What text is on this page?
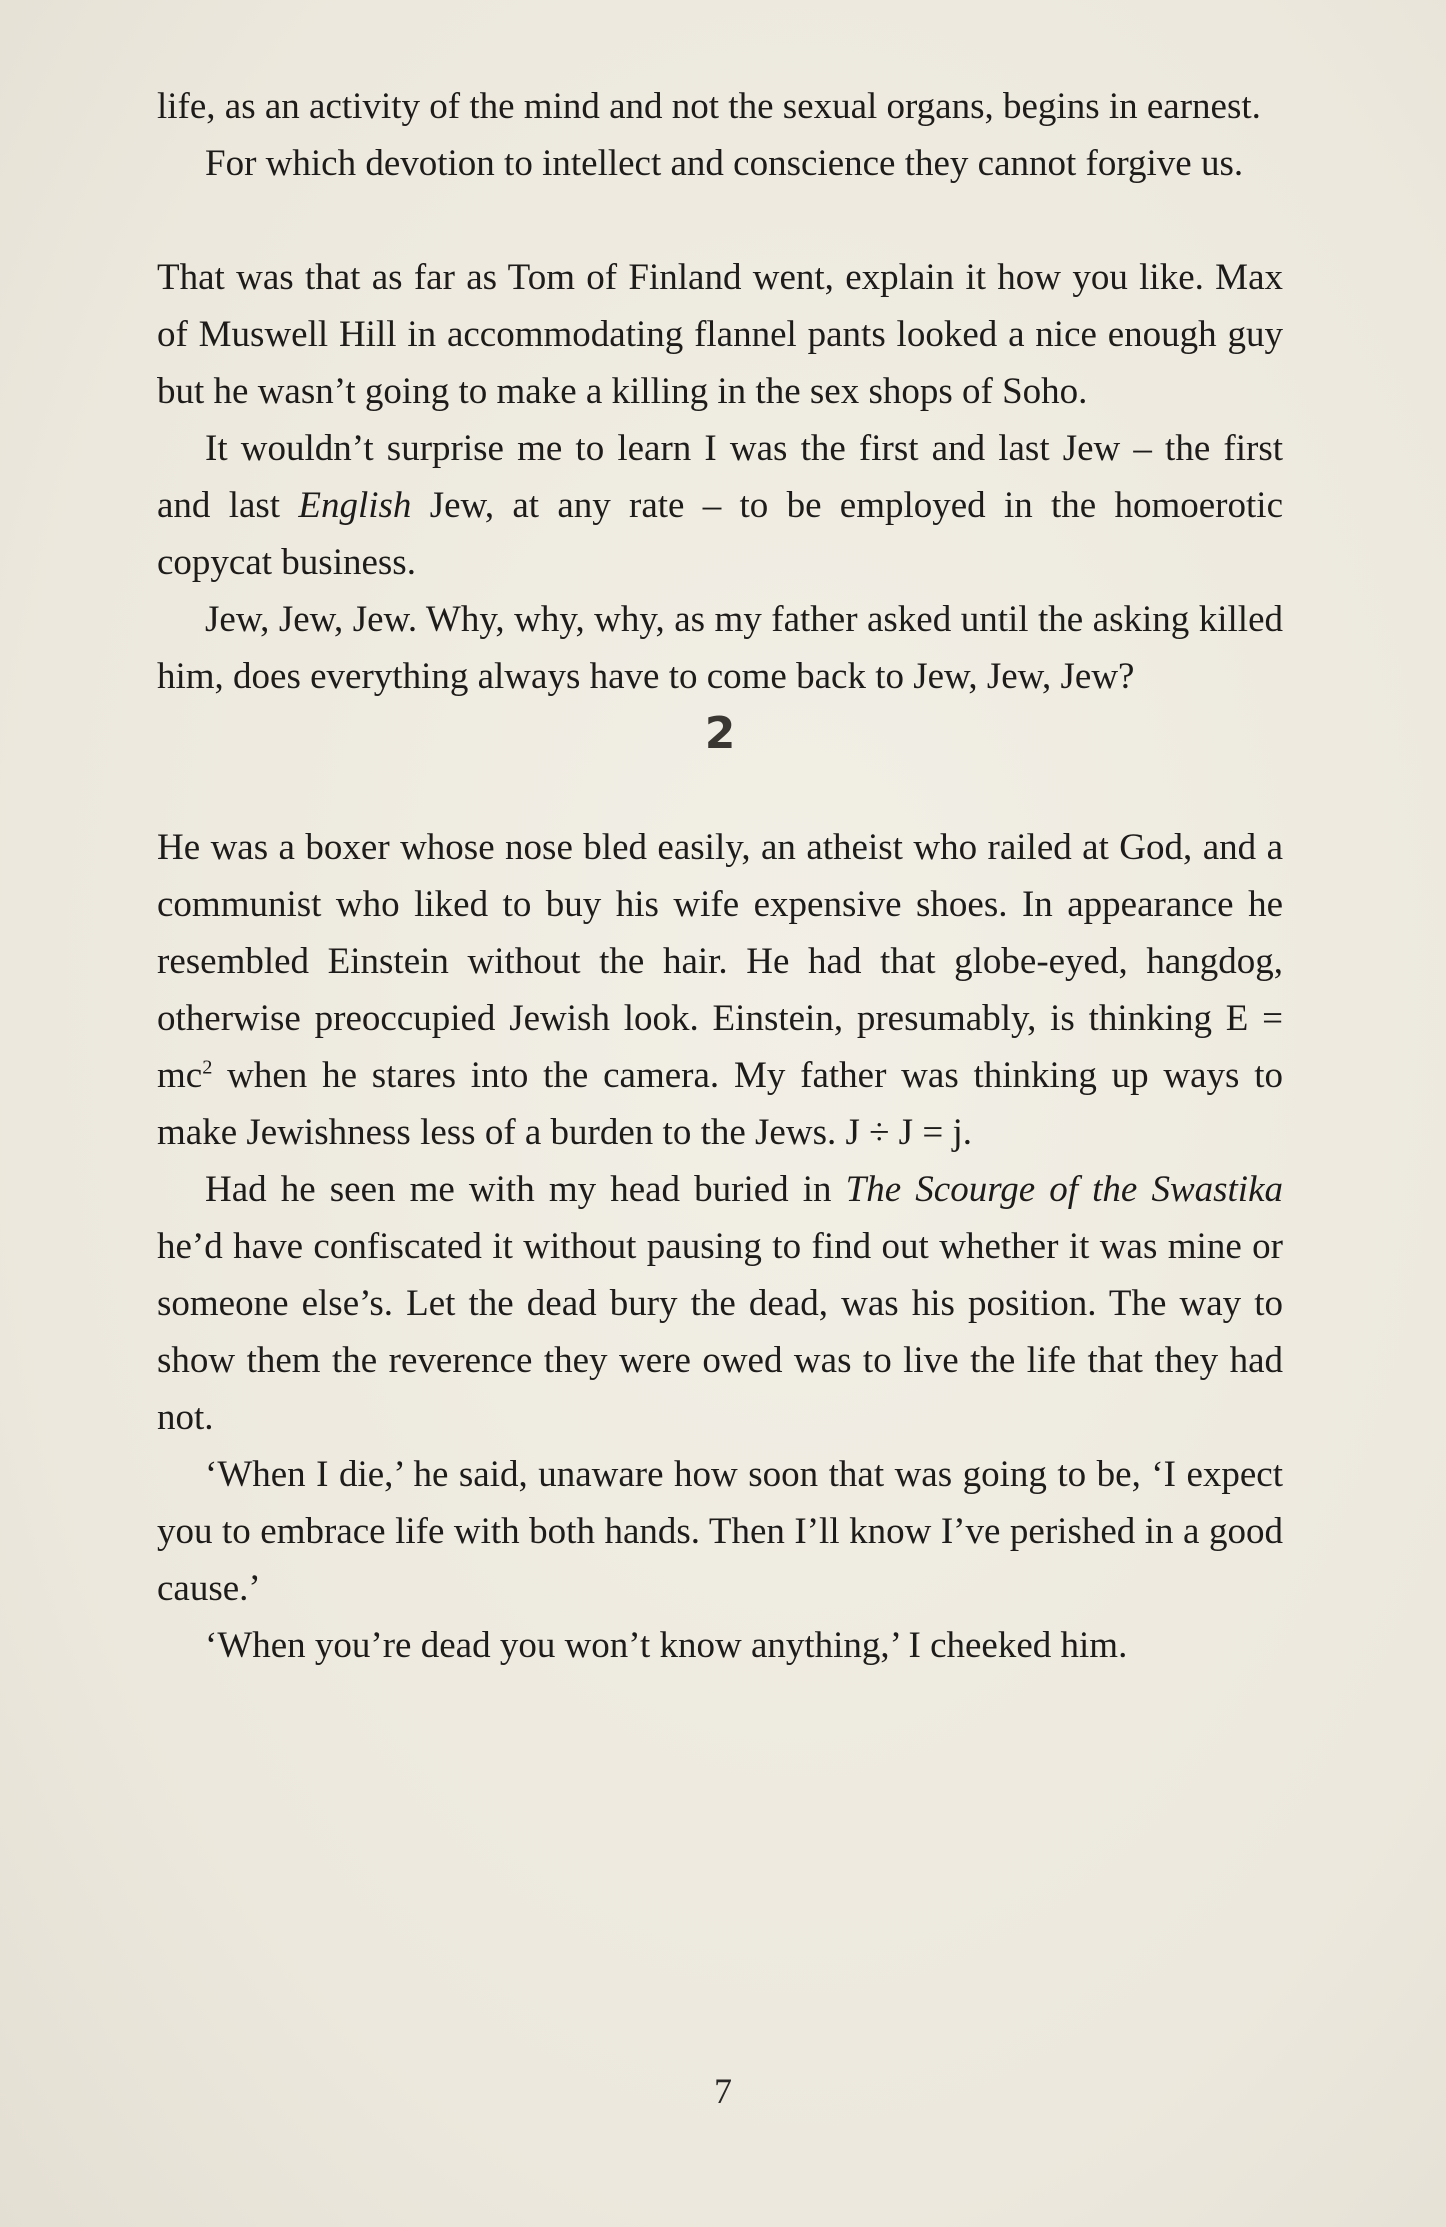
life, as an activity of the mind and not the sexual organs, begins in earnest.

For which devotion to intellect and conscience they cannot forgive us.

That was that as far as Tom of Finland went, explain it how you like. Max of Muswell Hill in accommodating flannel pants looked a nice enough guy but he wasn’t going to make a killing in the sex shops of Soho.

It wouldn’t surprise me to learn I was the first and last Jew – the first and last English Jew, at any rate – to be employed in the homoerotic copycat business.

Jew, Jew, Jew. Why, why, why, as my father asked until the asking killed him, does everything always have to come back to Jew, Jew, Jew?

2

He was a boxer whose nose bled easily, an atheist who railed at God, and a communist who liked to buy his wife expensive shoes. In appearance he resembled Einstein without the hair. He had that globe-eyed, hangdog, otherwise preoccupied Jewish look. Einstein, presumably, is thinking $E = mc^2$ when he stares into the camera. My father was thinking up ways to make Jewishness less of a burden to the Jews. J ÷ J = j.

Had he seen me with my head buried in The Scourge of the Swastika he’d have confiscated it without pausing to find out whether it was mine or someone else’s. Let the dead bury the dead, was his position. The way to show them the reverence they were owed was to live the life that they had not.

‘When I die,’ he said, unaware how soon that was going to be, ‘I expect you to embrace life with both hands. Then I’ll know I’ve perished in a good cause.’

‘When you’re dead you won’t know anything,’ I cheeked him.

7
